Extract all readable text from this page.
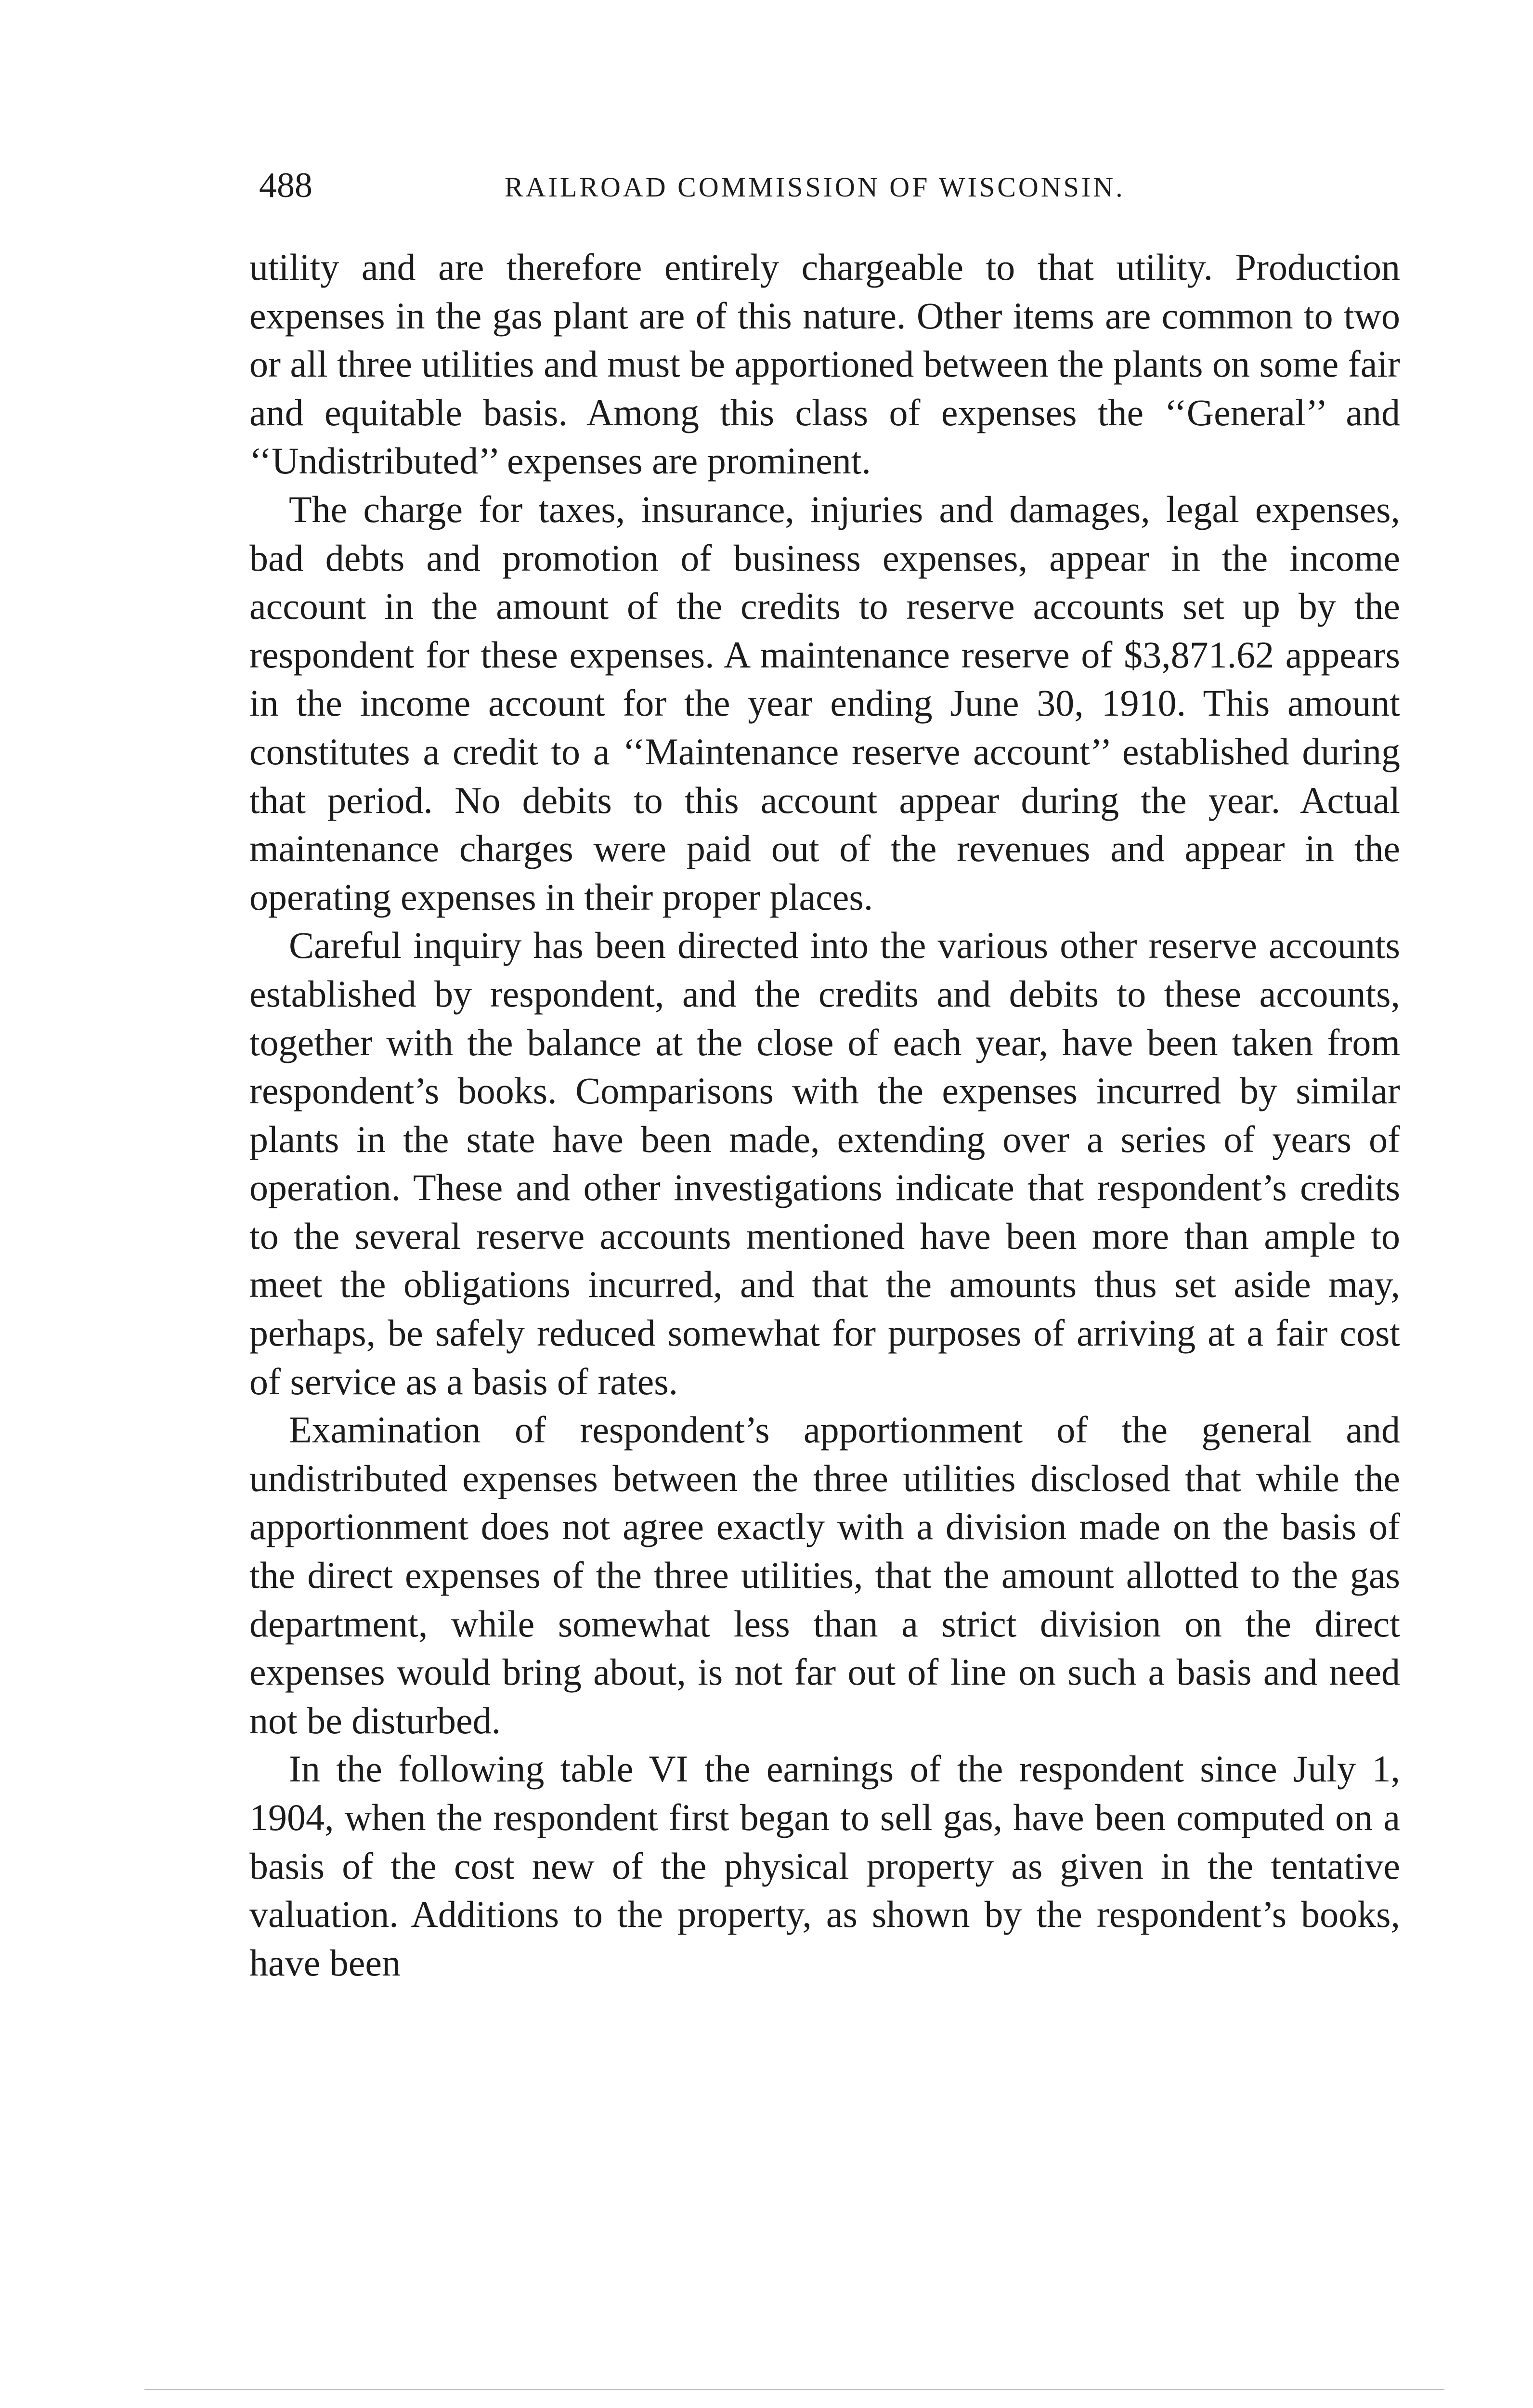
488	RAILROAD COMMISSION OF WISCONSIN.

utility and are therefore entirely chargeable to that utility. Production expenses in the gas plant are of this nature. Other items are common to two or all three utilities and must be apportioned between the plants on some fair and equitable basis. Among this class of expenses the ‘‘General’’ and ‘‘Undistributed’’ expenses are prominent.

The charge for taxes, insurance, injuries and damages, legal expenses, bad debts and promotion of business expenses, appear in the income account in the amount of the credits to reserve accounts set up by the respondent for these expenses. A maintenance reserve of $3,871.62 appears in the income account for the year ending June 30, 1910. This amount constitutes a credit to a ‘‘Maintenance reserve account’’ established during that period. No debits to this account appear during the year. Actual maintenance charges were paid out of the revenues and appear in the operating expenses in their proper places.

Careful inquiry has been directed into the various other reserve accounts established by respondent, and the credits and debits to these accounts, together with the balance at the close of each year, have been taken from respondent’s books. Comparisons with the expenses incurred by similar plants in the state have been made, extending over a series of years of operation. These and other investigations indicate that respondent’s credits to the several reserve accounts mentioned have been more than ample to meet the obligations incurred, and that the amounts thus set aside may, perhaps, be safely reduced somewhat for purposes of arriving at a fair cost of service as a basis of rates.

Examination of respondent’s apportionment of the general and undistributed expenses between the three utilities disclosed that while the apportionment does not agree exactly with a division made on the basis of the direct expenses of the three utilities, that the amount allotted to the gas department, while somewhat less than a strict division on the direct expenses would bring about, is not far out of line on such a basis and need not be disturbed.

In the following table VI the earnings of the respondent since July 1, 1904, when the respondent first began to sell gas, have been computed on a basis of the cost new of the physical property as given in the tentative valuation. Additions to the property, as shown by the respondent’s books, have been
